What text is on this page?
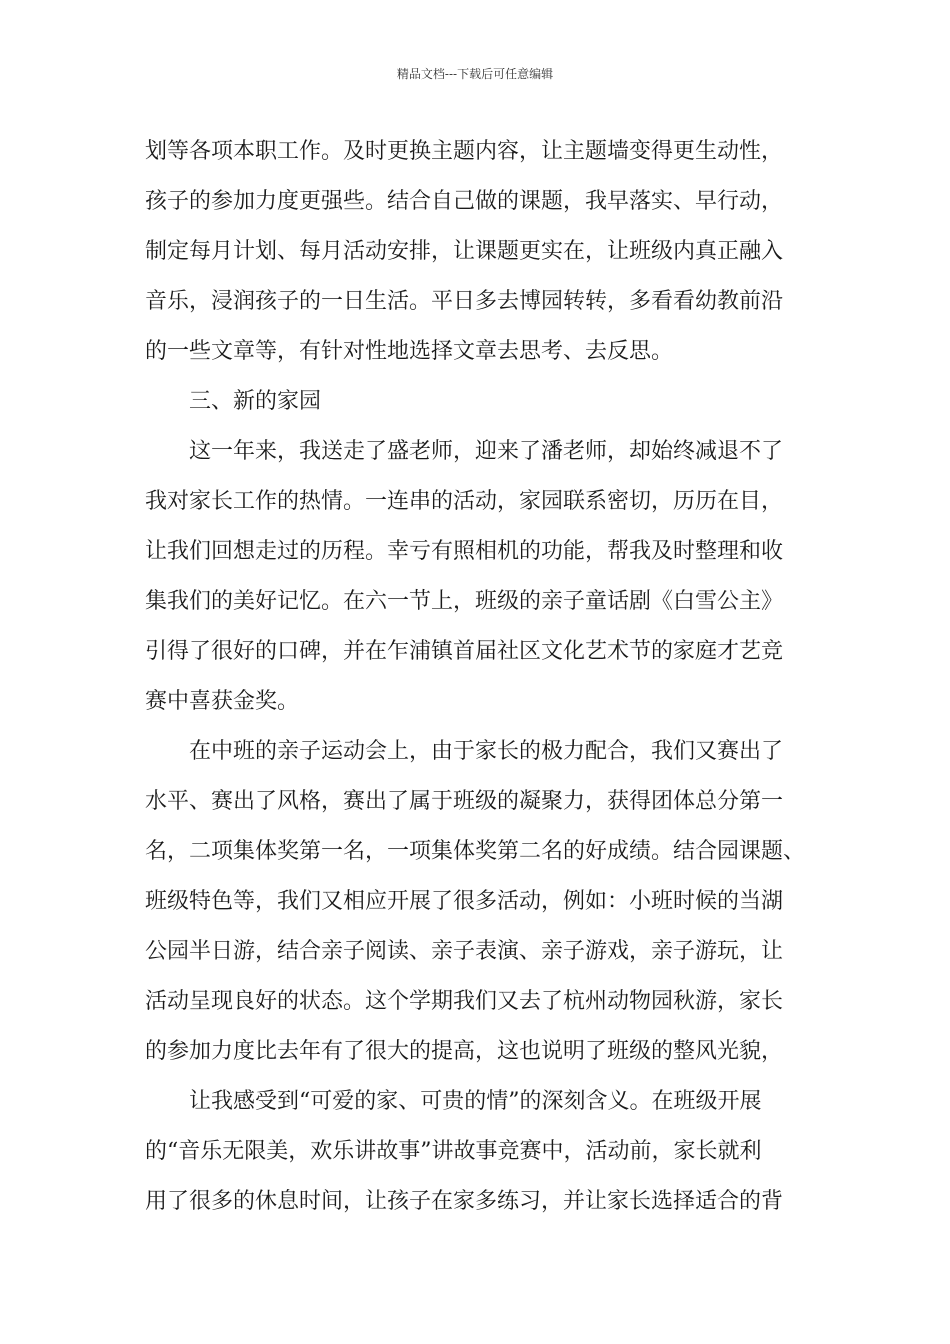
精品文档---下载后可任意编辑
划等各项本职工作。及时更换主题内容，让主题墙变得更生动性，
孩子的参加力度更强些。结合自己做的课题，我早落实、早行动，
制定每月计划、每月活动安排，让课题更实在，让班级内真正融入
音乐，浸润孩子的一日生活。平日多去博园转转，多看看幼教前沿
的一些文章等，有针对性地选择文章去思考、去反思。
三、新的家园
这一年来，我送走了盛老师，迎来了潘老师，却始终减退不了
我对家长工作的热情。一连串的活动，家园联系密切，历历在目，
让我们回想走过的历程。幸亏有照相机的功能，帮我及时整理和收
集我们的美好记忆。在六一节上，班级的亲子童话剧《白雪公主》
引得了很好的口碑，并在乍浦镇首届社区文化艺术节的家庭才艺竞
赛中喜获金奖。
在中班的亲子运动会上，由于家长的极力配合，我们又赛出了
水平、赛出了风格，赛出了属于班级的凝聚力，获得团体总分第一
名，二项集体奖第一名，一项集体奖第二名的好成绩。结合园课题、
班级特色等，我们又相应开展了很多活动，例如：小班时候的当湖
公园半日游，结合亲子阅读、亲子表演、亲子游戏，亲子游玩，让
活动呈现良好的状态。这个学期我们又去了杭州动物园秋游，家长
的参加力度比去年有了很大的提高，这也说明了班级的整风光貌，
让我感受到“可爱的家、可贵的情”的深刻含义。在班级开展
的“音乐无限美，欢乐讲故事”讲故事竞赛中，活动前，家长就利
用了很多的休息时间，让孩子在家多练习，并让家长选择适合的背
